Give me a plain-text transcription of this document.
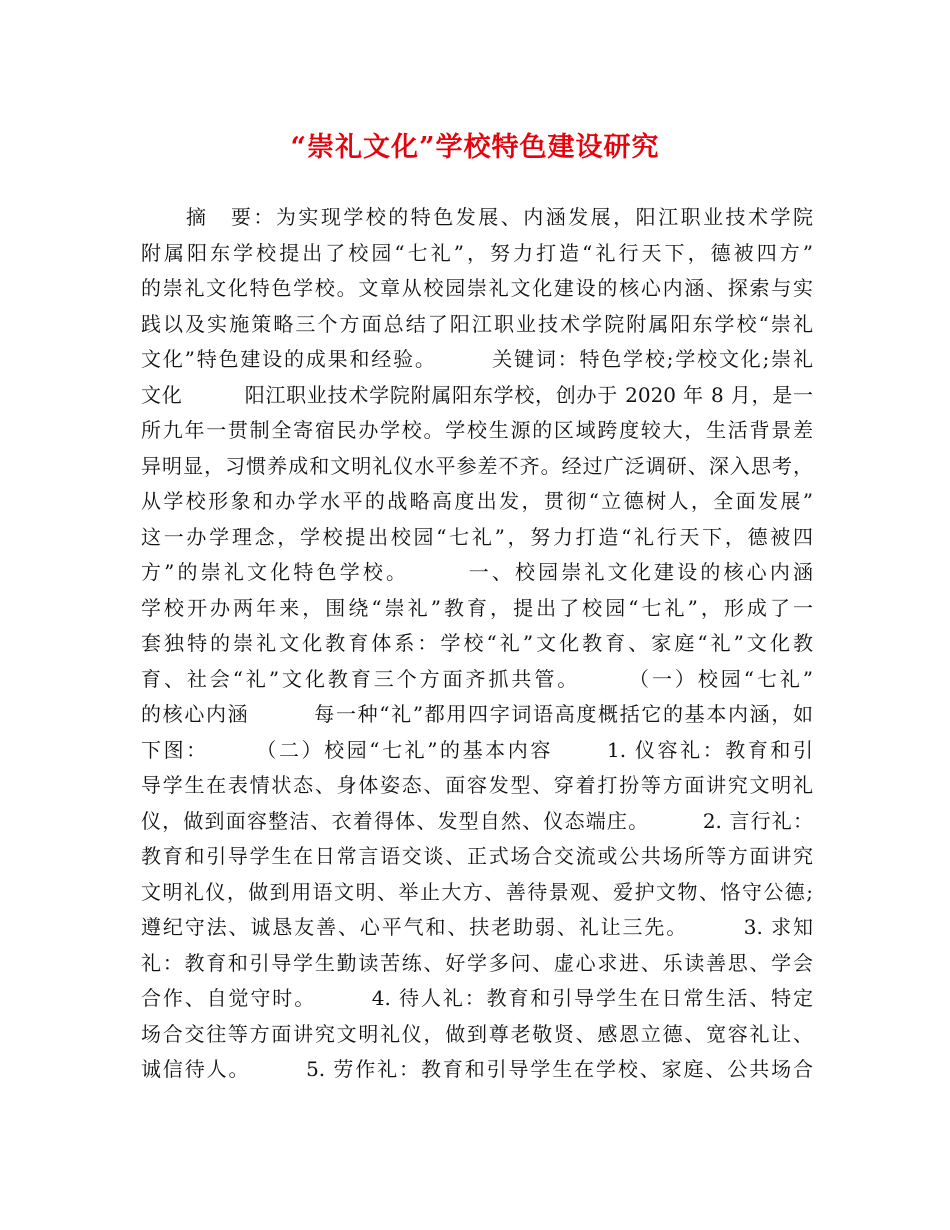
“崇礼文化”学校特色建设研究
　　摘　要：为实现学校的特色发展、内涵发展，阳江职业技术学院
附属阳东学校提出了校园“七礼”，努力打造“礼行天下，德被四方”
的崇礼文化特色学校。文章从校园崇礼文化建设的核心内涵、探索与实
践以及实施策略三个方面总结了阳江职业技术学院附属阳东学校“崇礼
文化”特色建设的成果和经验。　　　关键词：特色学校;学校文化;崇礼
文化　　　阳江职业技术学院附属阳东学校，创办于 2020 年 8 月，是一
所九年一贯制全寄宿民办学校。学校生源的区域跨度较大，生活背景差
异明显，习惯养成和文明礼仪水平参差不齐。经过广泛调研、深入思考，
从学校形象和办学水平的战略高度出发，贯彻“立德树人，全面发展”
这一办学理念，学校提出校园“七礼”，努力打造“礼行天下，德被四
方”的崇礼文化特色学校。　　　一、校园崇礼文化建设的核心内涵
学校开办两年来，围绕“崇礼”教育，提出了校园“七礼”，形成了一
套独特的崇礼文化教育体系：学校“礼”文化教育、家庭“礼”文化教
育、社会“礼”文化教育三个方面齐抓共管。　　　（一）校园“七礼”
的核心内涵　　　每一种“礼”都用四字词语高度概括它的基本内涵，如
下图：　　　（二）校园“七礼”的基本内容　　 1. 仪容礼：教育和引
导学生在表情状态、身体姿态、面容发型、穿着打扮等方面讲究文明礼
仪，做到面容整洁、衣着得体、发型自然、仪态端庄。　　　2. 言行礼：
教育和引导学生在日常言语交谈、正式场合交流或公共场所等方面讲究
文明礼仪，做到用语文明、举止大方、善待景观、爱护文物、恪守公德;
遵纪守法、诚恳友善、心平气和、扶老助弱、礼让三先。　　　3. 求知
礼：教育和引导学生勤读苦练、好学多问、虚心求进、乐读善思、学会
合作、自觉守时。　　　4. 待人礼：教育和引导学生在日常生活、特定
场合交往等方面讲究文明礼仪，做到尊老敬贤、感恩立德、宽容礼让、
诚信待人。　　　5. 劳作礼：教育和引导学生在学校、家庭、公共场合
